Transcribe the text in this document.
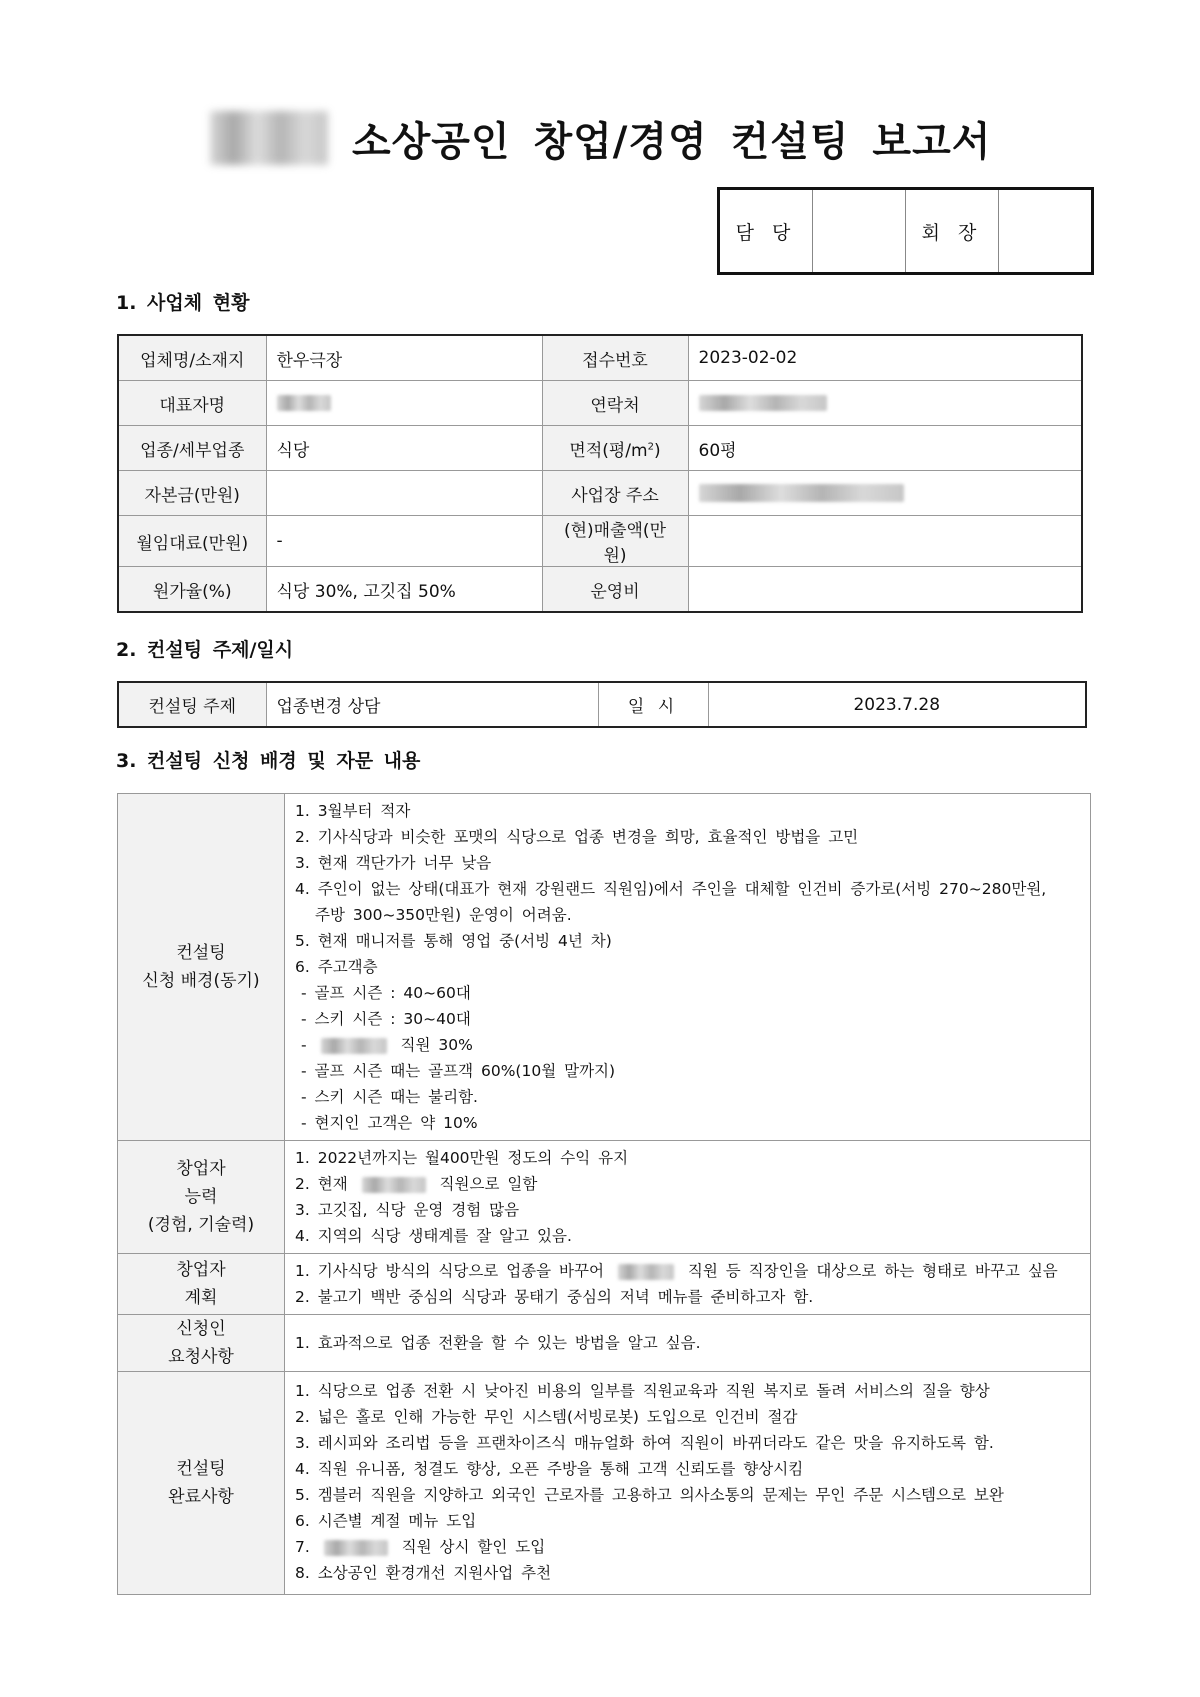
소상공인 창업/경영 컨설팅 보고서
담 당		회 장	
1. 사업체 현황
업체명/소재지	한우극장	접수번호	2023-02-02
대표자명		연락처	
업종/세부업종	식당	면적(평$/m^2$)	60평
자본금(만원)		사업장 주소	
월임대료(만원)	-	(현)매출액(만원)	
원가율(%)	식당 30%, 고깃집 50%	운영비	
2. 컨설팅 주제/일시
컨설팅 주제	업종변경 상담	일 시	2023.7.28
3. 컨설팅 신청 배경 및 자문 내용
컨설팅
신청 배경(동기)

1. 3월부터 적자
2. 기사식당과 비슷한 포맷의 식당으로 업종 변경을 희망, 효율적인 방법을 고민
3. 현재 객단가가 너무 낮음
4. 주인이 없는 상태(대표가 현재 강원랜드 직원임)에서 주인을 대체할 인건비 증가로(서빙 270~280만원,
주방 300~350만원) 운영이 어려움.
5. 현재 매니저를 통해 영업 중(서빙 4년 차)
6. 주고객층
- 골프 시즌 : 40~60대
- 스키 시즌 : 30~40대
-	직원 30%
- 골프 시즌 때는 골프객 60%(10월 말까지)
- 스키 시즌 때는 불리함.
- 현지인 고객은 약 10%

창업자
능력
(경험, 기술력)

1. 2022년까지는 월400만원 정도의 수익 유지
2. 현재	직원으로 일함
3. 고깃집, 식당 운영 경험 많음
4. 지역의 식당 생태계를 잘 알고 있음.

창업자
계획

1. 기사식당 방식의 식당으로 업종을 바꾸어	직원 등 직장인을 대상으로 하는 형태로 바꾸고 싶음
2. 불고기 백반 중심의 식당과 몽태기 중심의 저녁 메뉴를 준비하고자 함.

신청인
요청사항	1. 효과적으로 업종 전환을 할 수 있는 방법을 알고 싶음.

컨설팅
완료사항

1. 식당으로 업종 전환 시 낮아진 비용의 일부를 직원교육과 직원 복지로 돌려 서비스의 질을 향상
2. 넓은 홀로 인해 가능한 무인 시스템(서빙로봇) 도입으로 인건비 절감
3. 레시피와 조리법 등을 프랜차이즈식 매뉴얼화 하여 직원이 바뀌더라도 같은 맛을 유지하도록 함.
4. 직원 유니폼, 청결도 향상, 오픈 주방을 통해 고객 신뢰도를 향상시킴
5. 겜블러 직원을 지양하고 외국인 근로자를 고용하고 의사소통의 문제는 무인 주문 시스템으로 보완
6. 시즌별 계절 메뉴 도입
7.	직원 상시 할인 도입
8. 소상공인 환경개선 지원사업 추천
